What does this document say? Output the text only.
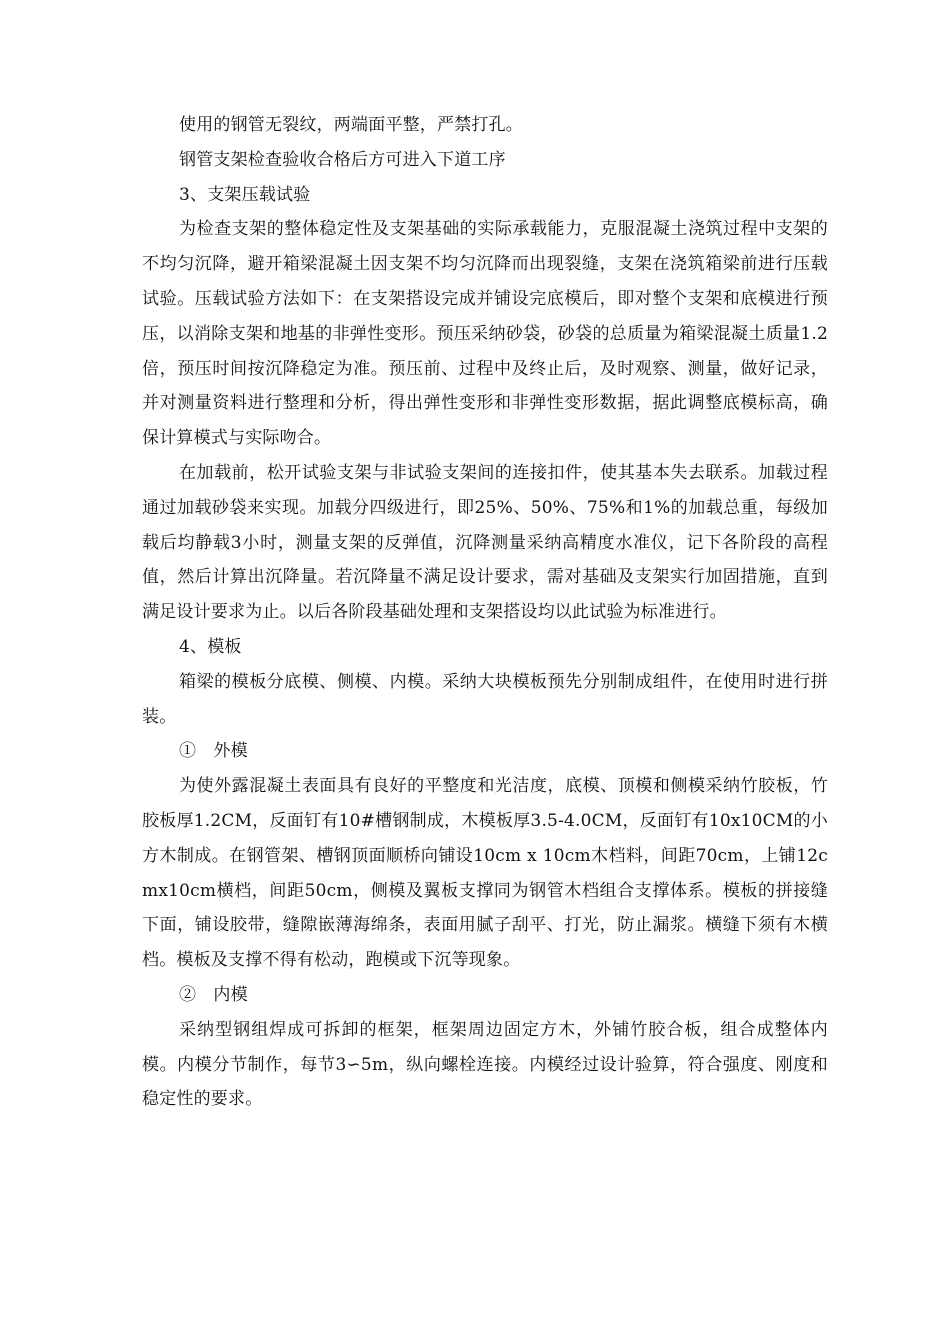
使用的钢管无裂纹，两端面平整，严禁打孔。

钢管支架检查验收合格后方可进入下道工序

3、支架压载试验

为检查支架的整体稳定性及支架基础的实际承载能力，克服混凝土浇筑过程中支架的不均匀沉降，避开箱梁混凝土因支架不均匀沉降而出现裂缝，支架在浇筑箱梁前进行压载试验。压载试验方法如下：在支架搭设完成并铺设完底模后，即对整个支架和底模进行预压，以消除支架和地基的非弹性变形。预压采纳砂袋，砂袋的总质量为箱梁混凝土质量1.2倍，预压时间按沉降稳定为准。预压前、过程中及终止后，及时观察、测量，做好记录，并对测量资料进行整理和分析，得出弹性变形和非弹性变形数据，据此调整底模标高，确保计算模式与实际吻合。

在加载前，松开试验支架与非试验支架间的连接扣件，使其基本失去联系。加载过程通过加载砂袋来实现。加载分四级进行，即25%、50%、75%和1%的加载总重，每级加载后均静载3小时，测量支架的反弹值，沉降测量采纳高精度水准仪，记下各阶段的高程值，然后计算出沉降量。若沉降量不满足设计要求，需对基础及支架实行加固措施，直到满足设计要求为止。以后各阶段基础处理和支架搭设均以此试验为标准进行。

4、模板

箱梁的模板分底模、侧模、内模。采纳大块模板预先分别制成组件，在使用时进行拼装。

①　外模

为使外露混凝土表面具有良好的平整度和光洁度，底模、顶模和侧模采纳竹胶板，竹胶板厚1.2CM，反面钉有10#槽钢制成，木模板厚3.5-4.0CM，反面钉有10x10CM的小方木制成。在钢管架、槽钢顶面顺桥向铺设10cm x 10cm木档料，间距70cm，上铺12cmx10cm横档，间距50cm，侧模及翼板支撑同为钢管木档组合支撑体系。模板的拼接缝下面，铺设胶带，缝隙嵌薄海绵条，表面用腻子刮平、打光，防止漏浆。横缝下须有木横档。模板及支撑不得有松动，跑模或下沉等现象。

②　内模

采纳型钢组焊成可拆卸的框架，框架周边固定方木，外铺竹胶合板，组合成整体内模。内模分节制作，每节3∽5m，纵向螺栓连接。内模经过设计验算，符合强度、刚度和稳定性的要求。
